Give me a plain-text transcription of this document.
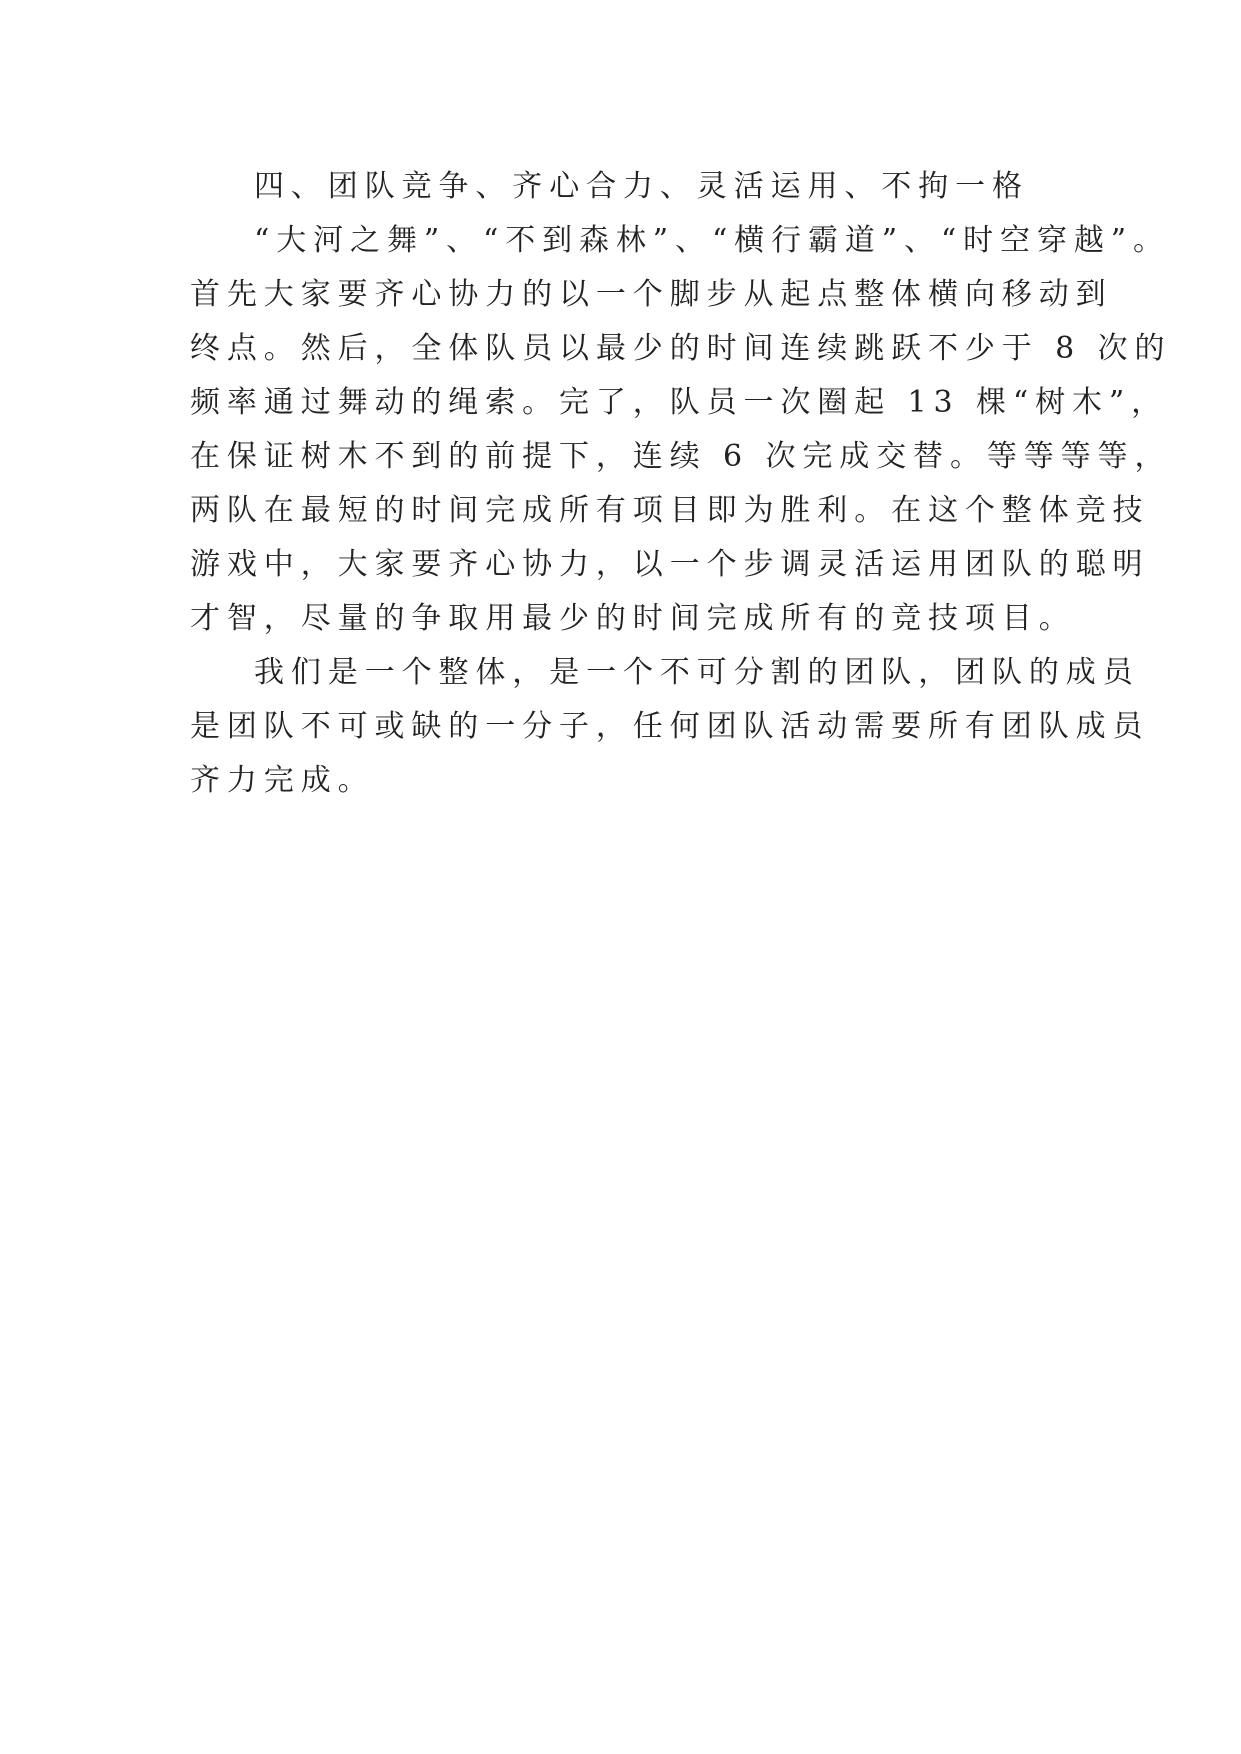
四、团队竞争、齐心合力、灵活运用、不拘一格
“大河之舞”、“不到森林”、“横行霸道”、“时空穿越”。
首先大家要齐心协力的以一个脚步从起点整体横向移动到
终点。然后，全体队员以最少的时间连续跳跃不少于 8 次的
频率通过舞动的绳索。完了，队员一次圈起 13 棵“树木”，
在保证树木不到的前提下，连续 6 次完成交替。等等等等，
两队在最短的时间完成所有项目即为胜利。在这个整体竞技
游戏中，大家要齐心协力，以一个步调灵活运用团队的聪明
才智，尽量的争取用最少的时间完成所有的竞技项目。
我们是一个整体，是一个不可分割的团队，团队的成员
是团队不可或缺的一分子，任何团队活动需要所有团队成员
齐力完成。
